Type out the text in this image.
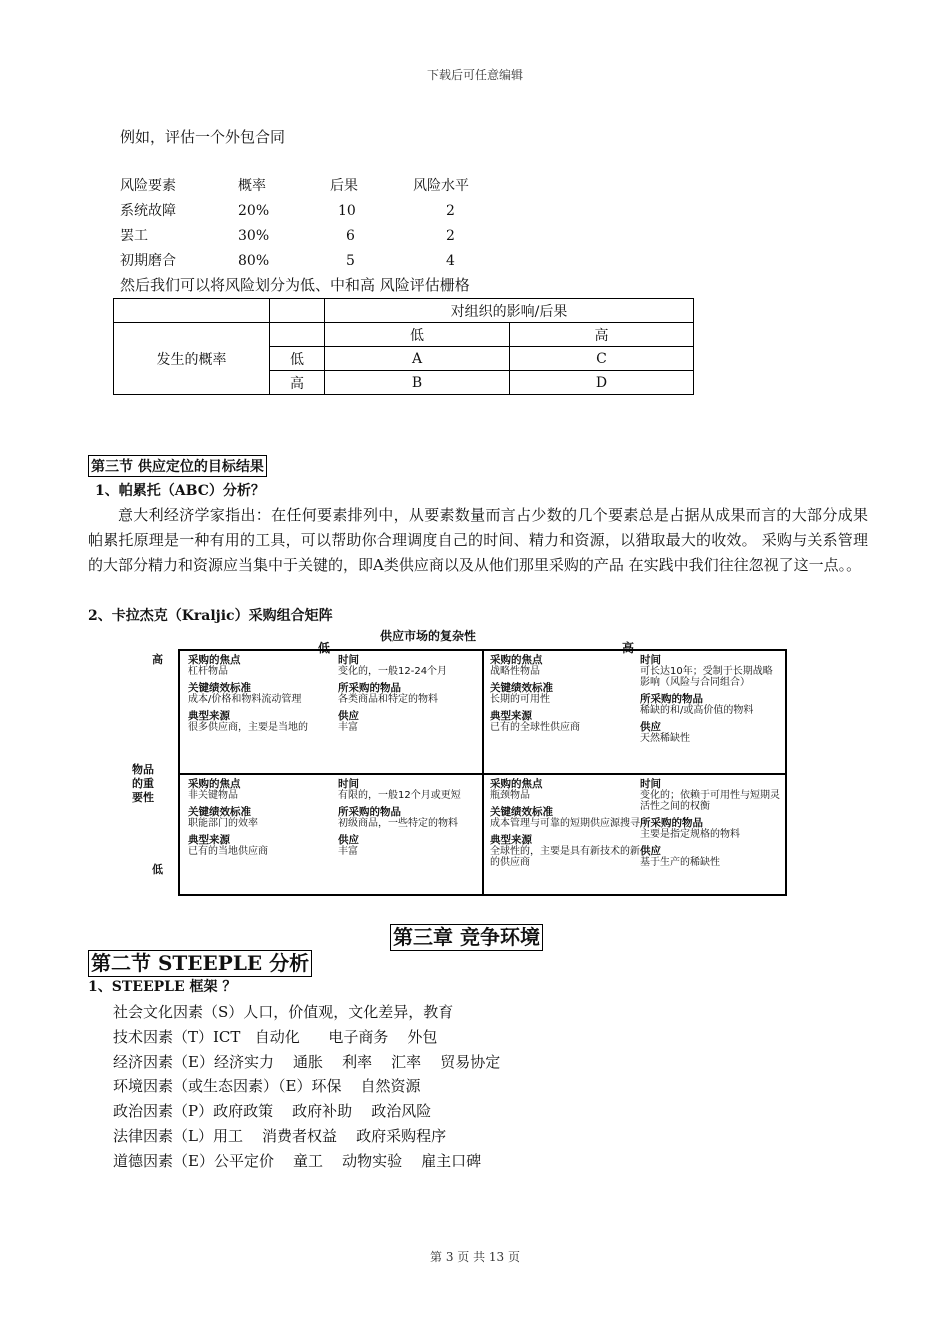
下载后可任意编辑
例如，评估一个外包合同
风险要素	概率	后果	风险水平
系统故障	20%	10	2
罢工	30%	6	2
初期磨合	80%	5	4
然后我们可以将风险划分为低、中和高 风险评估栅格
		对组织的影响/后果	
发生的概率		低	高
	低	A	C
	高	B	D
第三节 供应定位的目标结果
1、帕累托（ABC）分析？

意大利经济学家指出：在任何要素排列中，从要素数量而言占少数的几个要素总是占据从成果而言的大部分成果 帕累托原理是一种有用的工具，可以帮助你合理调度自己的时间、精力和资源，以猎取最大的收效。 采购与关系管理的大部分精力和资源应当集中于关键的，即A类供应商以及从他们那里采购的产品 在实践中我们往往忽视了这一点。。

2、卡拉杰克（Kraljic）采购组合矩阵
供应市场的复杂性
低	高
高
物品的重要性
低
采购的焦点
杠杆物品
关键绩效标准
成本/价格和物料流动管理
典型来源
很多供应商，主要是当地的
时间
变化的，一般12-24个月
所采购的物品
各类商品和特定的物料
供应
丰富
采购的焦点
战略性物品
关键绩效标准
长期的可用性
典型来源
已有的全球性供应商
时间
可长达10年；受制于长期战略影响（风险与合同组合）
所采购的物品
稀缺的和/或高价值的物料
供应
天然稀缺性
采购的焦点
非关键物品
关键绩效标准
职能部门的效率
典型来源
已有的当地供应商
时间
有限的，一般12个月或更短
所采购的物品
初级商品，一些特定的物料
供应
丰富
采购的焦点
瓶颈物品
关键绩效标准
成本管理与可靠的短期供应源搜寻
典型来源
全球性的，主要是具有新技术的新的供应商
时间
变化的；依赖于可用性与短期灵活性之间的权衡
所采购的物品
主要是指定规格的物料
供应
基于生产的稀缺性
第三章 竞争环境
第二节 STEEPLE 分析
1、STEEPLE 框架 ？
社会文化因素（S）人口，价值观，文化差异，教育
技术因素（T）ICT   自动化      电子商务    外包
经济因素（E）经济实力    通胀    利率    汇率    贸易协定
环境因素（或生态因素）（E）环保    自然资源
政治因素（P）政府政策    政府补助    政治风险
法律因素（L）用工    消费者权益    政府采购程序
道德因素（E）公平定价    童工    动物实验    雇主口碑
第 3 页 共 13 页
